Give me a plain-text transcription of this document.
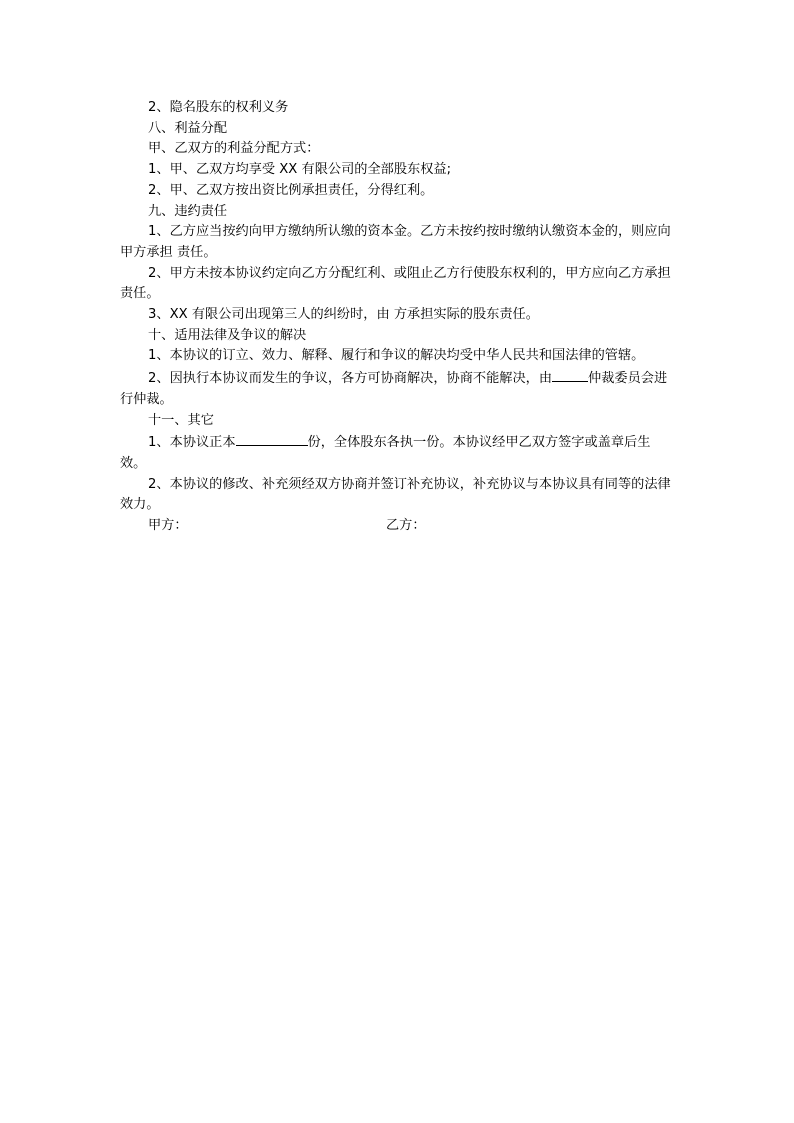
2、隐名股东的权利义务

八、利益分配

甲、乙双方的利益分配方式：

1、甲、乙双方均享受 XX 有限公司的全部股东权益;

2、甲、乙双方按出资比例承担责任，分得红利。

九、违约责任

1、乙方应当按约向甲方缴纳所认缴的资本金。乙方未按约按时缴纳认缴资本金的，则应向甲方承担 责任。

2、甲方未按本协议约定向乙方分配红利、或阻止乙方行使股东权利的，甲方应向乙方承担 责任。

3、XX 有限公司出现第三人的纠纷时，由 方承担实际的股东责任。

十、适用法律及争议的解决

1、本协议的订立、效力、解释、履行和争议的解决均受中华人民共和国法律的管辖。

2、因执行本协议而发生的争议，各方可协商解决，协商不能解决，由	仲裁委员会进行仲裁。

十一、其它

1、本协议正本	份，全体股东各执一份。本协议经甲乙双方签字或盖章后生效。

2、本协议的修改、补充须经双方协商并签订补充协议，补充协议与本协议具有同等的法律效力。

甲方：	乙方：
